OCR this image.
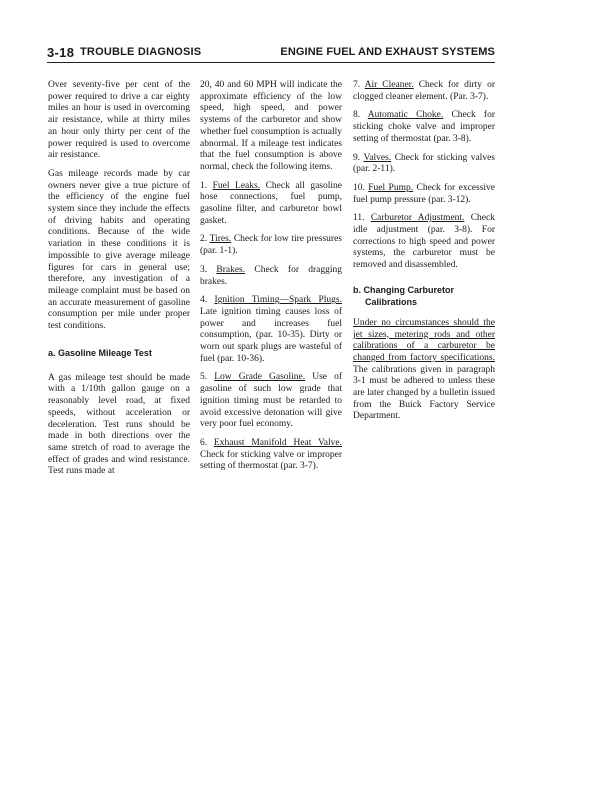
3-18 TROUBLE DIAGNOSIS	ENGINE FUEL AND EXHAUST SYSTEMS

Over seventy-five per cent of the power required to drive a car eighty miles an hour is used in overcoming air resistance, while at thirty miles an hour only thirty per cent of the power required is used to overcome air resistance.

Gas mileage records made by car owners never give a true picture of the efficiency of the engine fuel system since they include the effects of driving habits and operating conditions. Because of the wide variation in these conditions it is impossible to give average mileage figures for cars in general use; therefore, any investigation of a mileage complaint must be based on an accurate measurement of gasoline consumption per mile under proper test conditions.

a. Gasoline Mileage Test

A gas mileage test should be made with a 1/10th gallon gauge on a reasonably level road, at fixed speeds, without acceleration or deceleration. Test runs should be made in both directions over the same stretch of road to average the effect of grades and wind resistance. Test runs made at

20, 40 and 60 MPH will indicate the approximate efficiency of the low speed, high speed, and power systems of the carburetor and show whether fuel consumption is actually abnormal. If a mileage test indicates that the fuel consumption is above normal, check the following items.

1. Fuel Leaks. Check all gasoline hose connections, fuel pump, gasoline filter, and carburetor bowl gasket.

2. Tires. Check for low tire pressures (par. 1-1).

3. Brakes. Check for dragging brakes.

4. Ignition Timing—Spark Plugs. Late ignition timing causes loss of power and increases fuel consumption, (par. 10-35). Dirty or worn out spark plugs are wasteful of fuel (par. 10-36).

5. Low Grade Gasoline. Use of gasoline of such low grade that ignition timing must be retarded to avoid excessive detonation will give very poor fuel economy.

6. Exhaust Manifold Heat Valve. Check for sticking valve or improper setting of thermostat (par. 3-7).

7. Air Cleaner. Check for dirty or clogged cleaner element. (Par. 3-7).

8. Automatic Choke. Check for sticking choke valve and improper setting of thermostat (par. 3-8).

9. Valves. Check for sticking valves (par. 2-11).

10. Fuel Pump. Check for excessive fuel pump pressure (par. 3-12).

11. Carburetor Adjustment. Check idle adjustment (par. 3-8). For corrections to high speed and power systems, the carburetor must be removed and disassembled.

b. Changing Carburetor
Calibrations

Under no circumstances should the jet sizes, metering rods and other calibrations of a carburetor be changed from factory specifications. The calibrations given in paragraph 3-1 must be adhered to unless these are later changed by a bulletin issued from the Buick Factory Service Department.
